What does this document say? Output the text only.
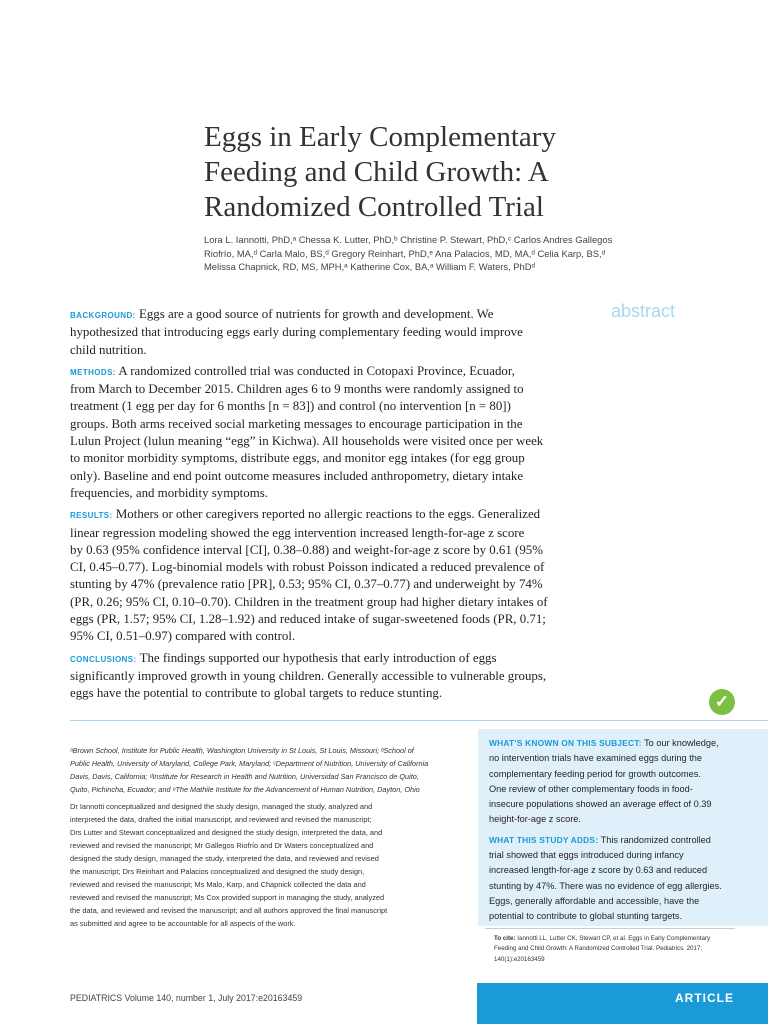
Eggs in Early Complementary
Feeding and Child Growth: A
Randomized Controlled Trial
Lora L. Iannotti, PhD,ᵃ Chessa K. Lutter, PhD,ᵇ Christine P. Stewart, PhD,ᶜ Carlos Andres Gallegos
Riofrío, MA,ᵈ Carla Malo, BS,ᵈ Gregory Reinhart, PhD,ᵉ Ana Palacios, MD, MA,ᵈ Celia Karp, BS,ᵈ
Melissa Chapnick, RD, MS, MPH,ᵃ Katherine Cox, BA,ᵃ William F. Waters, PhDᵈ
abstract
BACKGROUND: Eggs are a good source of nutrients for growth and development. We
hypothesized that introducing eggs early during complementary feeding would improve
child nutrition.
METHODS: A randomized controlled trial was conducted in Cotopaxi Province, Ecuador,
from March to December 2015. Children ages 6 to 9 months were randomly assigned to
treatment (1 egg per day for 6 months [n = 83]) and control (no intervention [n = 80])
groups. Both arms received social marketing messages to encourage participation in the
Lulun Project (lulun meaning “egg” in Kichwa). All households were visited once per week
to monitor morbidity symptoms, distribute eggs, and monitor egg intakes (for egg group
only). Baseline and end point outcome measures included anthropometry, dietary intake
frequencies, and morbidity symptoms.
RESULTS: Mothers or other caregivers reported no allergic reactions to the eggs. Generalized
linear regression modeling showed the egg intervention increased length-for-age z score
by 0.63 (95% confidence interval [CI], 0.38–0.88) and weight-for-age z score by 0.61 (95%
CI, 0.45–0.77). Log-binomial models with robust Poisson indicated a reduced prevalence of
stunting by 47% (prevalence ratio [PR], 0.53; 95% CI, 0.37–0.77) and underweight by 74%
(PR, 0.26; 95% CI, 0.10–0.70). Children in the treatment group had higher dietary intakes of
eggs (PR, 1.57; 95% CI, 1.28–1.92) and reduced intake of sugar-sweetened foods (PR, 0.71;
95% CI, 0.51–0.97) compared with control.
CONCLUSIONS: The findings supported our hypothesis that early introduction of eggs
significantly improved growth in young children. Generally accessible to vulnerable groups,
eggs have the potential to contribute to global targets to reduce stunting.	✓
ᵃBrown School, Institute for Public Health, Washington University in St Louis, St Louis, Missouri; ᵇSchool of
Public Health, University of Maryland, College Park, Maryland; ᶜDepartment of Nutrition, University of California
Davis, Davis, California; ᵈInstitute for Research in Health and Nutrition, Universidad San Francisco de Quito,
Quito, Pichincha, Ecuador; and ᵉThe Mathile Institute for the Advancement of Human Nutrition, Dayton, Ohio
Dr Iannotti conceptualized and designed the study design, managed the study, analyzed and
interpreted the data, drafted the initial manuscript, and reviewed and revised the manuscript;
Drs Lutter and Stewart conceptualized and designed the study design, interpreted the data, and
reviewed and revised the manuscript; Mr Gallegos Riofrío and Dr Waters conceptualized and
designed the study design, managed the study, interpreted the data, and reviewed and revised
the manuscript; Drs Reinhart and Palacios conceptualized and designed the study design,
reviewed and revised the manuscript; Ms Malo, Karp, and Chapnick collected the data and
reviewed and revised the manuscript; Ms Cox provided support in managing the study, analyzed
the data, and reviewed and revised the manuscript; and all authors approved the final manuscript
as submitted and agree to be accountable for all aspects of the work.
WHAT’S KNOWN ON THIS SUBJECT: To our knowledge,
no intervention trials have examined eggs during the
complementary feeding period for growth outcomes.
One review of other complementary foods in food-
insecure populations showed an average effect of 0.39
height-for-age z score.
WHAT THIS STUDY ADDS: This randomized controlled
trial showed that eggs introduced during infancy
increased length-for-age z score by 0.63 and reduced
stunting by 47%. There was no evidence of egg allergies.
Eggs, generally affordable and accessible, have the
potential to contribute to global stunting targets.
To cite: Iannotti LL, Lutter CK, Stewart CP, et al. Eggs in Early Complementary
Feeding and Child Growth: A Randomized Controlled Trial. Pediatrics. 2017;
140(1):e20163459
PEDIATRICS Volume 140, number 1, July 2017:e20163459	ARTICLE
